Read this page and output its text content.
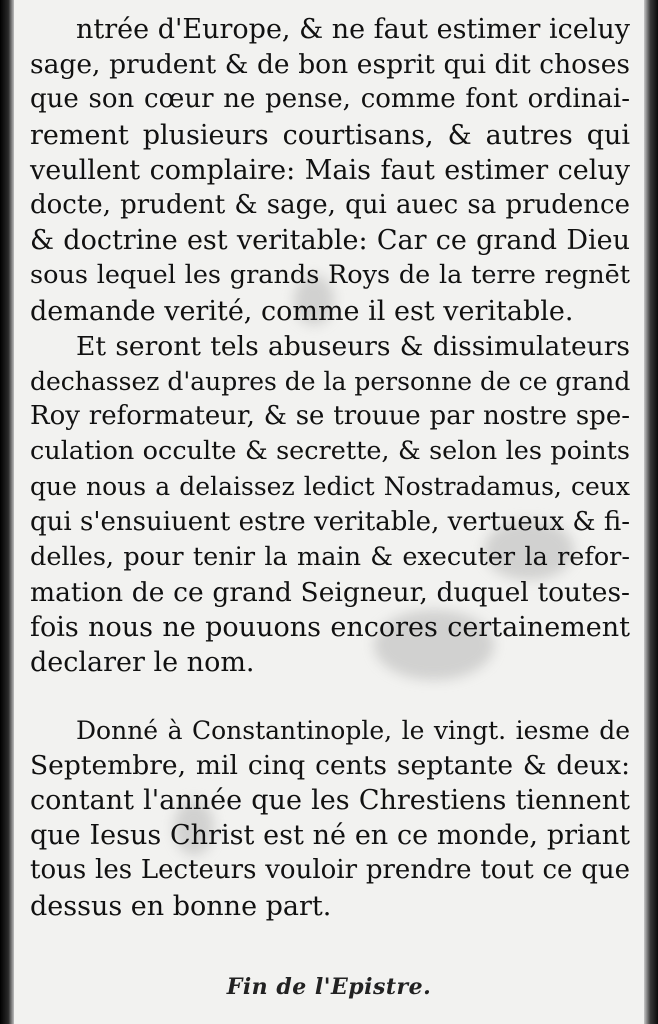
ntrée d'Europe, & ne faut estimer iceluy
sage, prudent & de bon esprit qui dit choses
que son cœur ne pense, comme font ordinai-
rement plusieurs courtisans, & autres qui
veullent complaire: Mais faut estimer celuy
docte, prudent & sage, qui auec sa prudence
& doctrine est veritable: Car ce grand Dieu
sous lequel les grands Roys de la terre regnēt
demande verité, comme il est veritable.
Et seront tels abuseurs & dissimulateurs
dechassez d'aupres de la personne de ce grand
Roy reformateur, & se trouue par nostre spe-
culation occulte & secrette, & selon les points
que nous a delaissez ledict Nostradamus, ceux
qui s'ensuiuent estre veritable, vertueux & fi-
delles, pour tenir la main & executer la refor-
mation de ce grand Seigneur, duquel toutes-
fois nous ne pouuons encores certainement
declarer le nom.
Donné à Constantinople, le vingt. iesme de
Septembre, mil cinq cents septante & deux:
contant l'année que les Chrestiens tiennent
que Iesus Christ est né en ce monde, priant
tous les Lecteurs vouloir prendre tout ce que
dessus en bonne part.
Fin de l'Epistre.
